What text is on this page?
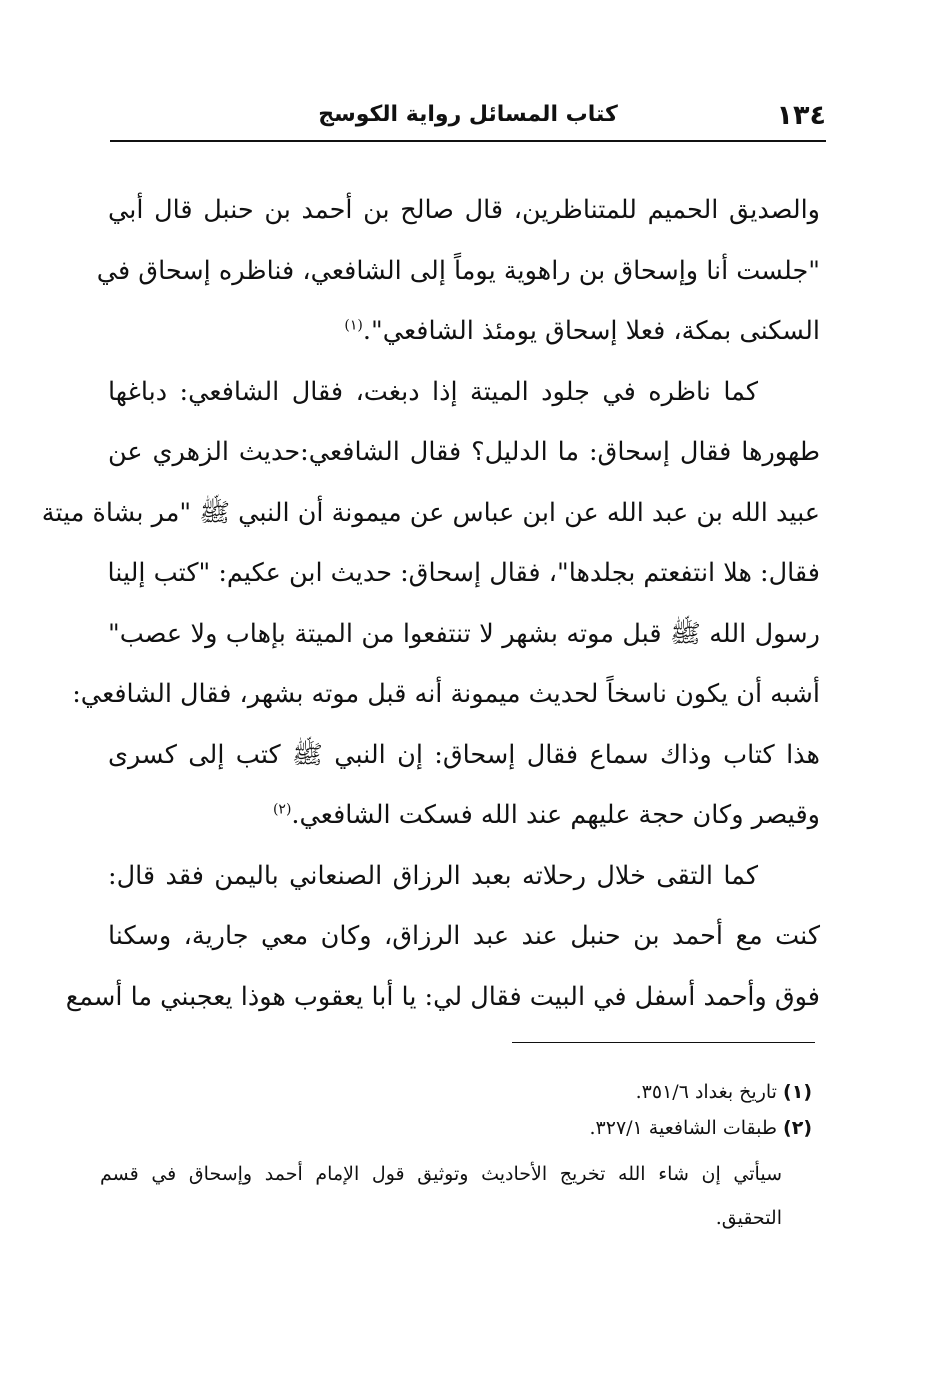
١٣٤
كتاب المسائل رواية الكوسج
والصديق الحميم للمتناظرين، قال صالح بن أحمد بن حنبل قال أبي
"جلست أنا وإسحاق بن راهوية يوماً إلى الشافعي، فناظره إسحاق في
السكنى بمكة، فعلا إسحاق يومئذ الشافعي".$^{(١)}$
كما ناظره في جلود الميتة إذا دبغت، فقال الشافعي: دباغها
طهورها فقال إسحاق: ما الدليل؟ فقال الشافعي:حديث الزهري عن
عبيد الله بن عبد الله عن ابن عباس عن ميمونة أن النبي ﷺ "مر بشاة ميتة
فقال: هلا انتفعتم بجلدها"، فقال إسحاق: حديث ابن عكيم: "كتب إلينا
رسول الله ﷺ قبل موته بشهر لا تنتفعوا من الميتة بإهاب ولا عصب"
أشبه أن يكون ناسخاً لحديث ميمونة أنه قبل موته بشهر، فقال الشافعي:
هذا كتاب وذاك سماع فقال إسحاق: إن النبي ﷺ كتب إلى كسرى
وقيصر وكان حجة عليهم عند الله فسكت الشافعي.$^{(٢)}$
كما التقى خلال رحلاته بعبد الرزاق الصنعاني باليمن فقد قال:
كنت مع أحمد بن حنبل عند عبد الرزاق، وكان معي جارية، وسكنا
فوق وأحمد أسفل في البيت فقال لي: يا أبا يعقوب هوذا يعجبني ما أسمع
(١) تاريخ بغداد ٣٥١/٦.
(٢) طبقات الشافعية ٣٢٧/١.
سيأتي إن شاء الله تخريج الأحاديث وتوثيق قول الإمام أحمد وإسحاق في قسم
التحقيق.
